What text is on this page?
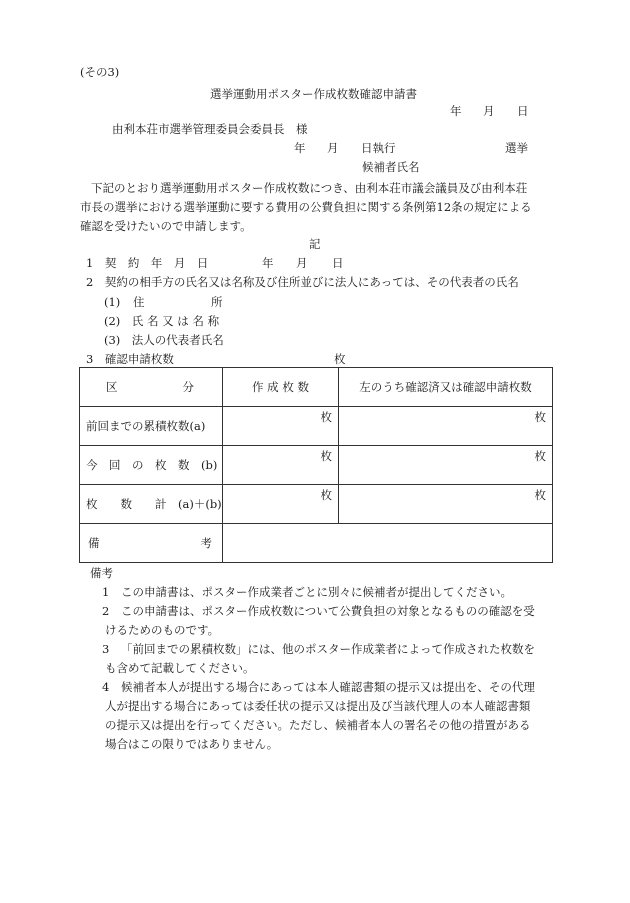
(その3)
選挙運動用ポスター作成枚数確認申請書
年 月 日
由利本荘市選挙管理委員会委員長　様
年 月 日執行	選挙
候補者氏名
下記のとおり選挙運動用ポスター作成枚数につき、由利本荘市議会議員及び由利本荘
市長の選挙における選挙運動に要する費用の公費負担に関する条例第12条の規定による
確認を受けたいので申請します。
記
1　契　約　年　月　日	年 月 日
2　契約の相手方の氏名又は名称及び住所並びに法人にあっては、その代表者の氏名
(1) 住	所
(2)　氏 名 又 は 名 称
(3)　法人の代表者氏名
3　確認申請枚数	枚
区 分	作 成 枚 数	左のうち確認済又は確認申請枚数

前回までの累積枚数(a)	枚	枚

今　回　の　枚　数　(b)	枚	枚

枚　　数　　計　 (a)＋(b)	枚	枚

備 考		

備考
1 この申請書は、ポスター作成業者ごとに別々に候補者が提出してください。
2 この申請書は、ポスター作成枚数について公費負担の対象となるものの確認を受
けるためのものです。
3 「前回までの累積枚数」には、他のポスター作成業者によって作成された枚数を
も含めて記載してください。
4 候補者本人が提出する場合にあっては本人確認書類の提示又は提出を、その代理
人が提出する場合にあっては委任状の提示又は提出及び当該代理人の本人確認書類
の提示又は提出を行ってください。ただし、候補者本人の署名その他の措置がある
場合はこの限りではありません。
